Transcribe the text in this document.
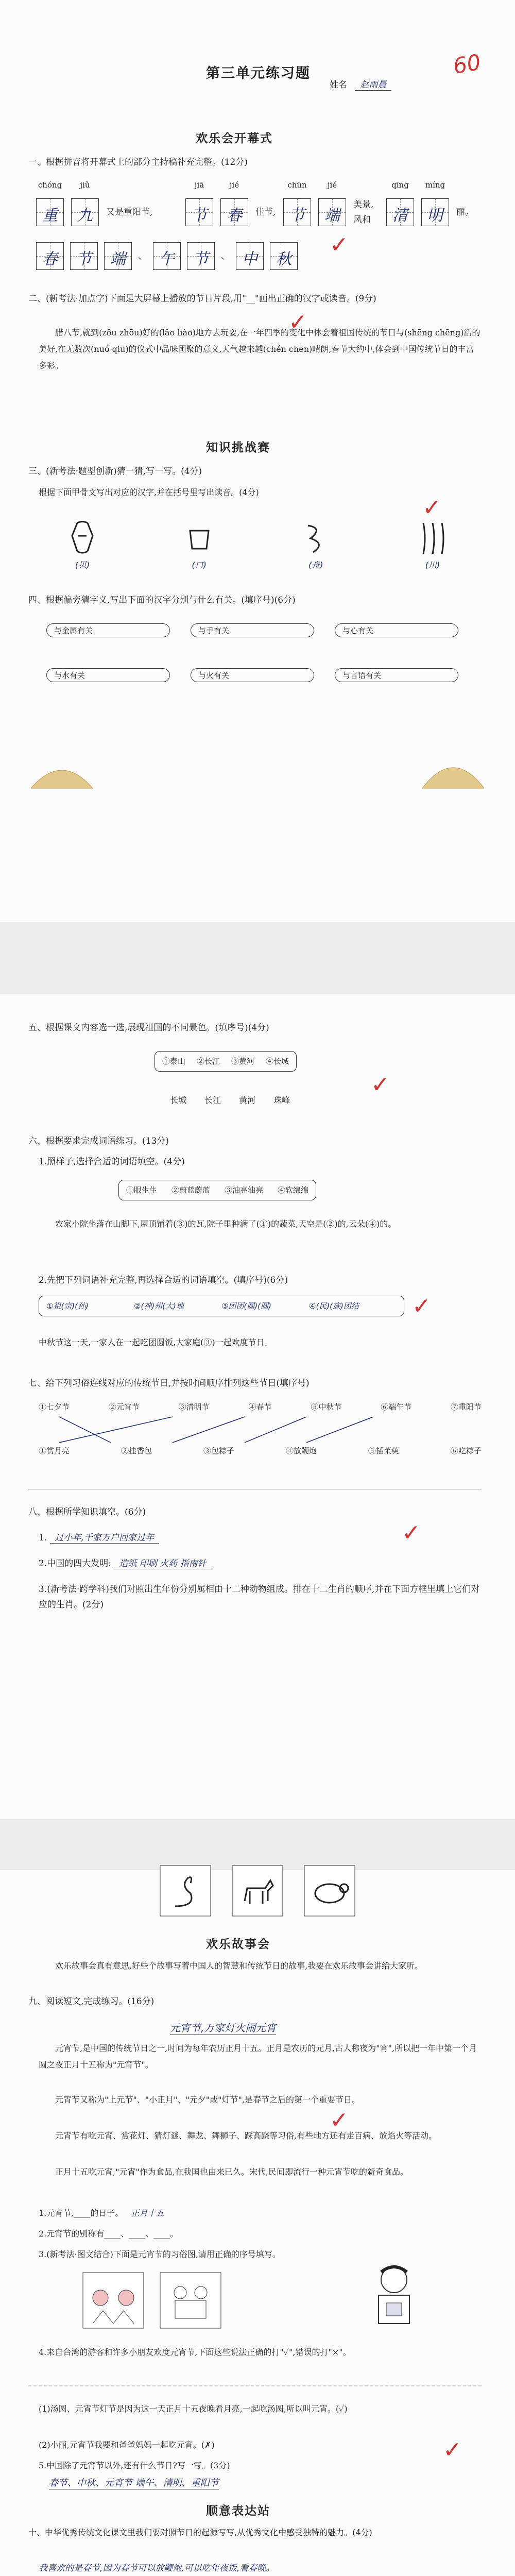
第三单元练习题
姓名 赵雨晨
60
欢乐会开幕式
一、根据拼音将开幕式上的部分主持稿补充完整。(12分)
chóng	jiǔ	jiā	jié	chūn	jié	qīng	míng
重	九	又是重阳节,	节	春	佳节, 节	端
美景,风和	清	明	丽。
春	节	端	、 午	节	、 中	秋
✓
二、(新考法·加点字)下面是大屏幕上播放的节日片段,用"__"画出正确的汉字或读音。(9分)
腊八节,就到(zōu zhōu)好的(lǎo liào)地方去玩耍,在一年四季的变化中体会着祖国传统的节日与(shēng chēng)活的美好,在无数次(nuó qiū)的仪式中品味团聚的意义,天气越来越(chén chēn)晴朗,春节大约中,体会到中国传统节日的丰富多彩。
✓
知识挑战赛
三、(新考法·题型创新)猜一猜,写一写。(4分)
根据下面甲骨文写出对应的汉字,并在括号里写出读音。(4分)
(贝)	(口)	(舟)	(川)
✓
四、根据偏旁猜字义,写出下面的汉字分别与什么有关。(填序号)(6分)
与金属有关	与手有关	与心有关
与水有关	与火有关	与言语有关
五、根据课文内容选一选,展现祖国的不同景色。(填序号)(4分)
①泰山 ②长江 ③黄河 ④长城
长城 长江 黄河 珠峰
✓
六、根据要求完成词语练习。(13分)
1.照样子,选择合适的词语填空。(4分)
①眼生生 ②蔚蓝蔚蓝 ③油亮油亮 ④软绵绵
农家小院坐落在山脚下,屋顶铺着(③)的瓦,院子里种满了(①)的蔬菜,天空是(②)的,云朵(④)的。
2.先把下列词语补充完整,再选择合适的词语填空。(填序号)(6分)
①祖(宗)(孙)	②(神)州(大)地	③团团(圆)(圆)	④(民)(族)团结
中秋节这一天,一家人在一起吃团圆饭,大家庭(③)一起欢度节日。
✓
七、给下列习俗连线对应的传统节日,并按时间顺序排列这些节日(填序号)
①七夕节	②元宵节	③清明节	④春节	⑤中秋节	⑥端午节	⑦重阳节
①赏月亮	②挂香包	③包粽子	④放鞭炮	⑤插茱萸	⑥吃粽子
八、根据所学知识填空。(6分)
1. 过小年,千家万户回家过年
2.中国的四大发明: 造纸 印刷 火药 指南针
3.(新考法·跨学科)我们对照出生年份分别属相由十二种动物组成。排在十二生肖的顺序,并在下面方框里填上它们对应的生肖。(2分)
✓
欢乐故事会
欢乐故事会真有意思,好些个故事写着中国人的智慧和传统节日的故事,我要在欢乐故事会讲给大家听。
九、阅读短文,完成练习。(16分)
元宵节,万家灯火闹元宵
元宵节,是中国的传统节日之一,时间为每年农历正月十五。正月是农历的元月,古人称夜为"宵",所以把一年中第一个月圆之夜正月十五称为"元宵节"。
元宵节又称为"上元节"、"小正月"、"元夕"或"灯节",是春节之后的第一个重要节日。
元宵节有吃元宵、赏花灯、猜灯谜、舞龙、舞狮子、踩高跷等习俗,有些地方还有走百病、放焰火等活动。
正月十五吃元宵,"元宵"作为食品,在我国也由来已久。宋代,民间即流行一种元宵节吃的新奇食品。
✓
1.元宵节,____的日子。 正月十五
2.元宵节的别称有____、____、____。
3.(新考法·图文结合)下面是元宵节的习俗图,请用正确的序号填写。
4.来自台湾的游客和许多小朋友欢度元宵节,下面这些说法正确的打"✓",错误的打"×"。
(1)汤圆、元宵节灯节是因为这一天正月十五夜晚看月亮,一起吃汤圆,所以叫元宵。(✓)
(2)小丽,元宵节我要和爸爸妈妈一起吃元宵。(✗)
5.中国除了元宵节以外,还有什么节日?写一写。(3分)
春节、中秋、元宵节 端午、清明、重阳节
✓
顺意表达站
十、中华优秀传统文化课文里我们要对照节日的起源写写,从优秀文化中感受独特的魅力。(4分)
我喜欢的是春节,因为春节可以放鞭炮,可以吃年夜饭,看春晚。
